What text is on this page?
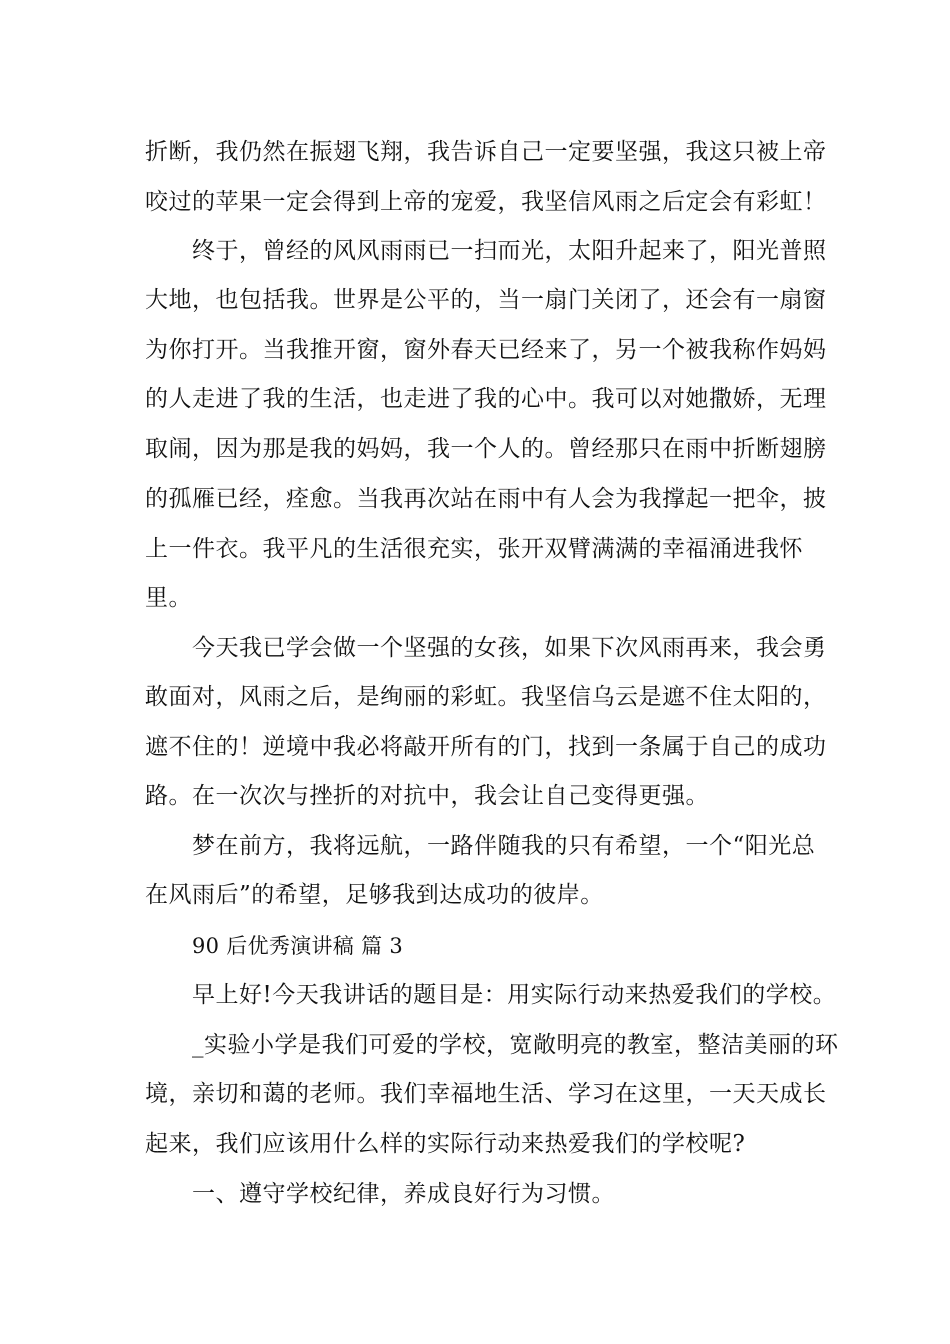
折断，我仍然在振翅飞翔，我告诉自己一定要坚强，我这只被上帝
咬过的苹果一定会得到上帝的宠爱，我坚信风雨之后定会有彩虹！
终于，曾经的风风雨雨已一扫而光，太阳升起来了，阳光普照
大地，也包括我。世界是公平的，当一扇门关闭了，还会有一扇窗
为你打开。当我推开窗，窗外春天已经来了，另一个被我称作妈妈
的人走进了我的生活，也走进了我的心中。我可以对她撒娇，无理
取闹，因为那是我的妈妈，我一个人的。曾经那只在雨中折断翅膀
的孤雁已经，痊愈。当我再次站在雨中有人会为我撑起一把伞，披
上一件衣。我平凡的生活很充实，张开双臂满满的幸福涌进我怀
里。
今天我已学会做一个坚强的女孩，如果下次风雨再来，我会勇
敢面对，风雨之后，是绚丽的彩虹。我坚信乌云是遮不住太阳的，
遮不住的！逆境中我必将敲开所有的门，找到一条属于自己的成功
路。在一次次与挫折的对抗中，我会让自己变得更强。
梦在前方，我将远航，一路伴随我的只有希望，一个“阳光总
在风雨后”的希望，足够我到达成功的彼岸。
90 后优秀演讲稿 篇 3
早上好!今天我讲话的题目是：用实际行动来热爱我们的学校。
_实验小学是我们可爱的学校，宽敞明亮的教室，整洁美丽的环
境，亲切和蔼的老师。我们幸福地生活、学习在这里，一天天成长
起来，我们应该用什么样的实际行动来热爱我们的学校呢?
一、遵守学校纪律，养成良好行为习惯。
